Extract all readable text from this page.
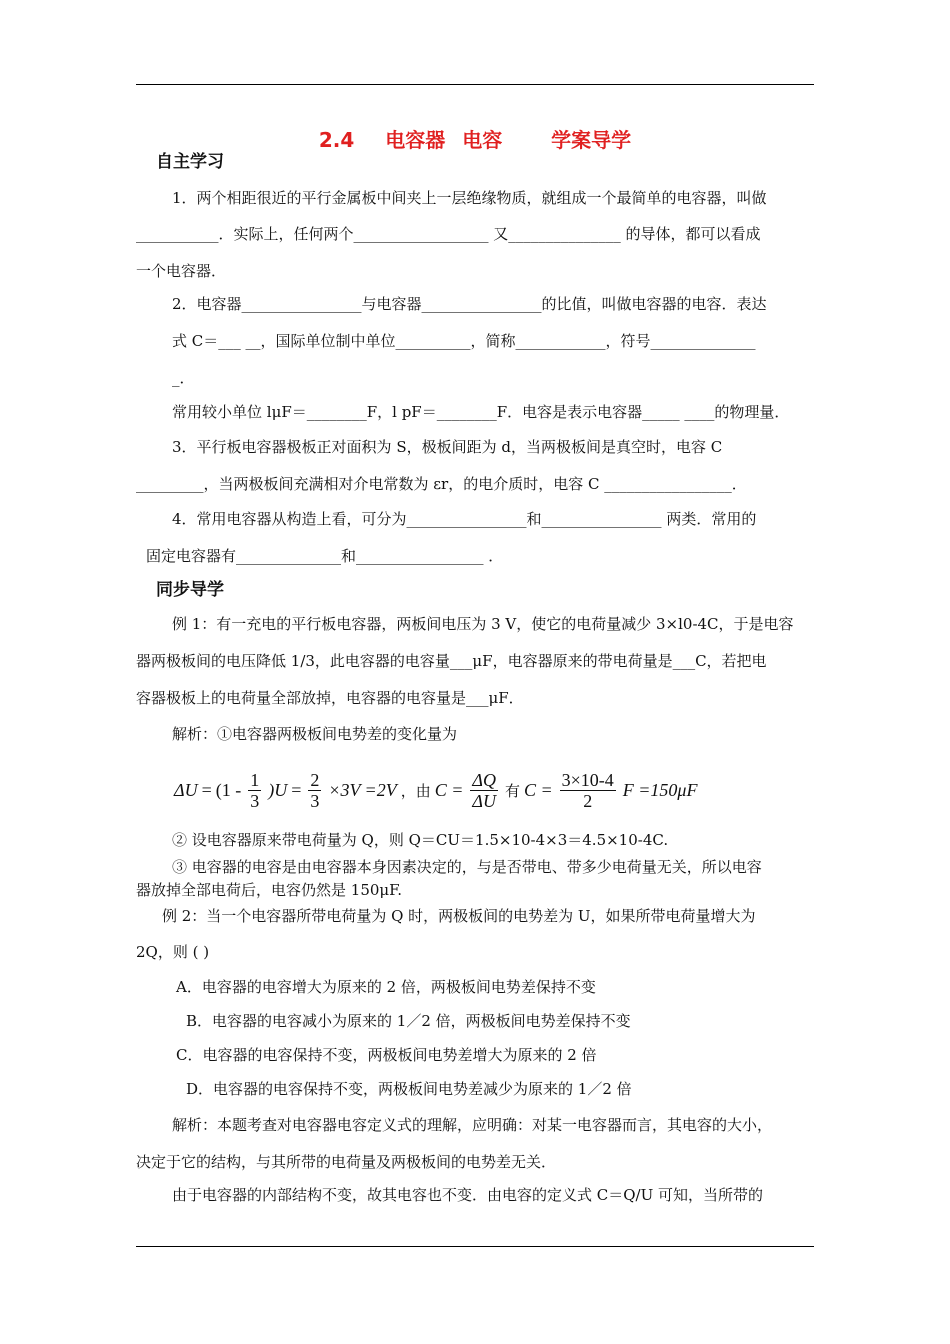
2.4 电容器 电容 学案导学
自主学习
1．两个相距很近的平行金属板中间夹上一层绝缘物质，就组成一个最简单的电容器，叫做
___________．实际上，任何两个__________________ 又_______________ 的导体，都可以看成
一个电容器．
2．电容器________________与电容器________________的比值，叫做电容器的电容．表达
式 C＝___ __，国际单位制中单位__________，简称____________，符号______________
_．
常用较小单位 lμF＝________F，l pF＝________F．电容是表示电容器_____ ____的物理量．
3．平行板电容器极板正对面积为 S，极板间距为 d，当两极板间是真空时，电容 C
_________，当两极板间充满相对介电常数为 εr，的电介质时，电容 C _________________．
4．常用电容器从构造上看，可分为________________和________________ 两类．常用的
固定电容器有______________和_________________ ．
同步导学
例 1：有一充电的平行板电容器，两板间电压为 3 V，使它的电荷量减少 3×l0-4C，于是电容
器两极板间的电压降低 1/3，此电容器的电容量___μF，电容器原来的带电荷量是___C，若把电
容器极板上的电荷量全部放掉，电容器的电容量是___μF．
解析：①电容器两极板间电势差的变化量为
$\Delta U = (1 - \frac{1}{3} )U = \frac{2}{3} \times 3V =2V$ ，由 $C = \frac{\Delta Q}{\Delta U}$ 有 $C = \frac{3\times 10-4}{2}$ F =150μF
② 设电容器原来带电荷量为 Q，则 Q＝CU＝1.5×10-4×3＝4.5×10-4C.
③ 电容器的电容是由电容器本身因素决定的，与是否带电、带多少电荷量无关，所以电容
器放掉全部电荷后，电容仍然是 150μF.
例 2：当一个电容器所带电荷量为 Q 时，两极板间的电势差为 U，如果所带电荷量增大为
2Q，则 ( )
A．电容器的电容增大为原来的 2 倍，两极板间电势差保持不变
B．电容器的电容减小为原来的 1／2 倍，两极板间电势差保持不变
C．电容器的电容保持不变，两极板间电势差增大为原来的 2 倍
D．电容器的电容保持不变，两极板间电势差减少为原来的 1／2 倍
解析：本题考查对电容器电容定义式的理解，应明确：对某一电容器而言，其电容的大小，
决定于它的结构，与其所带的电荷量及两极板间的电势差无关．
由于电容器的内部结构不变，故其电容也不变．由电容的定义式 C＝Q/U 可知，当所带的
